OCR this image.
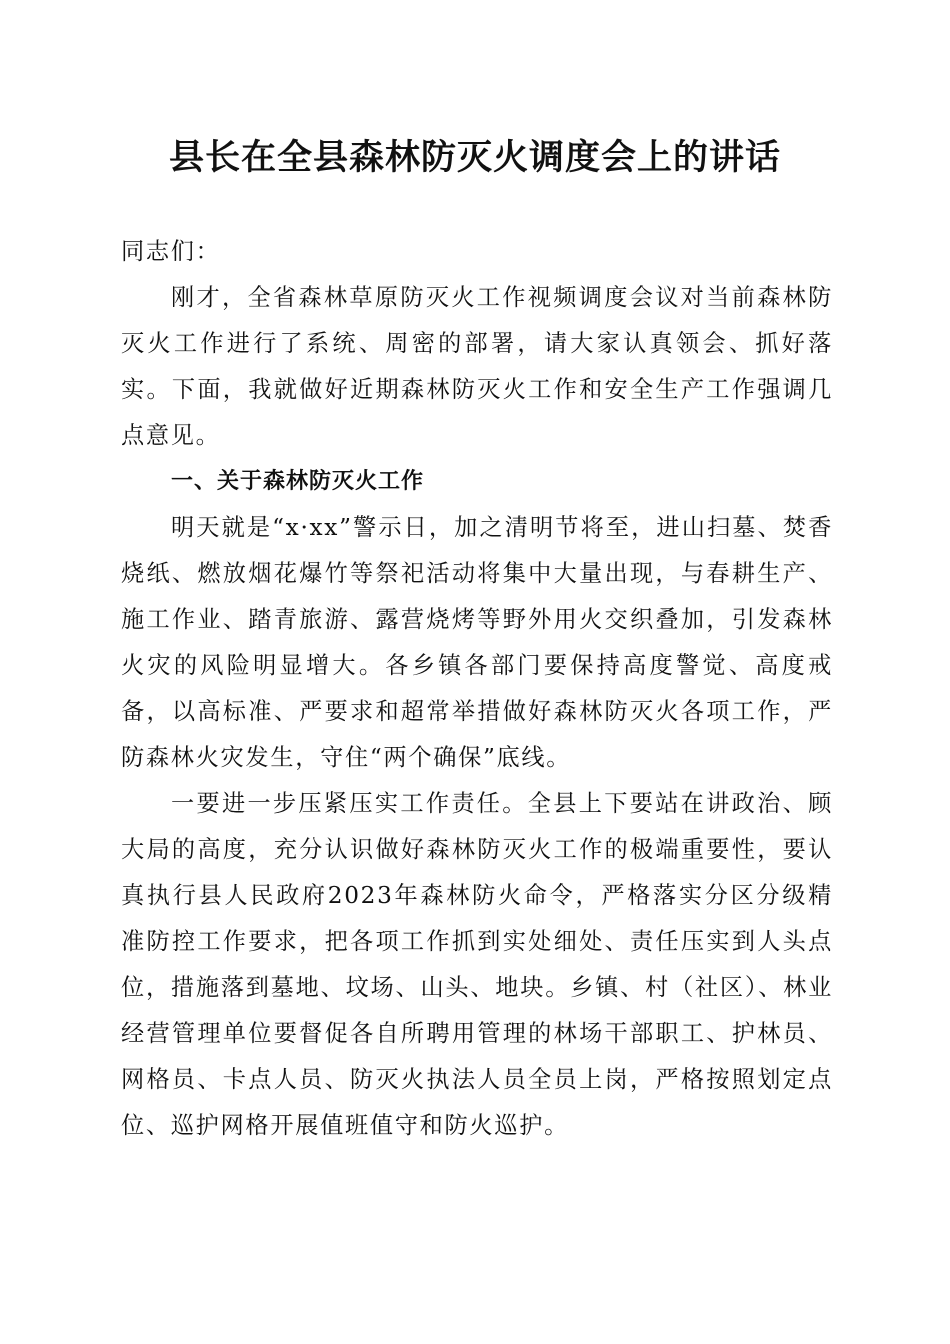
县长在全县森林防灭火调度会上的讲话

同志们：

刚才，全省森林草原防灭火工作视频调度会议对当前森林防灭火工作进行了系统、周密的部署，请大家认真领会、抓好落实。下面，我就做好近期森林防灭火工作和安全生产工作强调几点意见。

一、关于森林防灭火工作

明天就是“x·xx”警示日，加之清明节将至，进山扫墓、焚香烧纸、燃放烟花爆竹等祭祀活动将集中大量出现，与春耕生产、施工作业、踏青旅游、露营烧烤等野外用火交织叠加，引发森林火灾的风险明显增大。各乡镇各部门要保持高度警觉、高度戒备，以高标准、严要求和超常举措做好森林防灭火各项工作，严防森林火灾发生，守住“两个确保”底线。

一要进一步压紧压实工作责任。全县上下要站在讲政治、顾大局的高度，充分认识做好森林防灭火工作的极端重要性，要认真执行县人民政府2023年森林防火命令，严格落实分区分级精准防控工作要求，把各项工作抓到实处细处、责任压实到人头点位，措施落到墓地、坟场、山头、地块。乡镇、村（社区）、林业经营管理单位要督促各自所聘用管理的林场干部职工、护林员、网格员、卡点人员、防灭火执法人员全员上岗，严格按照划定点位、巡护网格开展值班值守和防火巡护。
